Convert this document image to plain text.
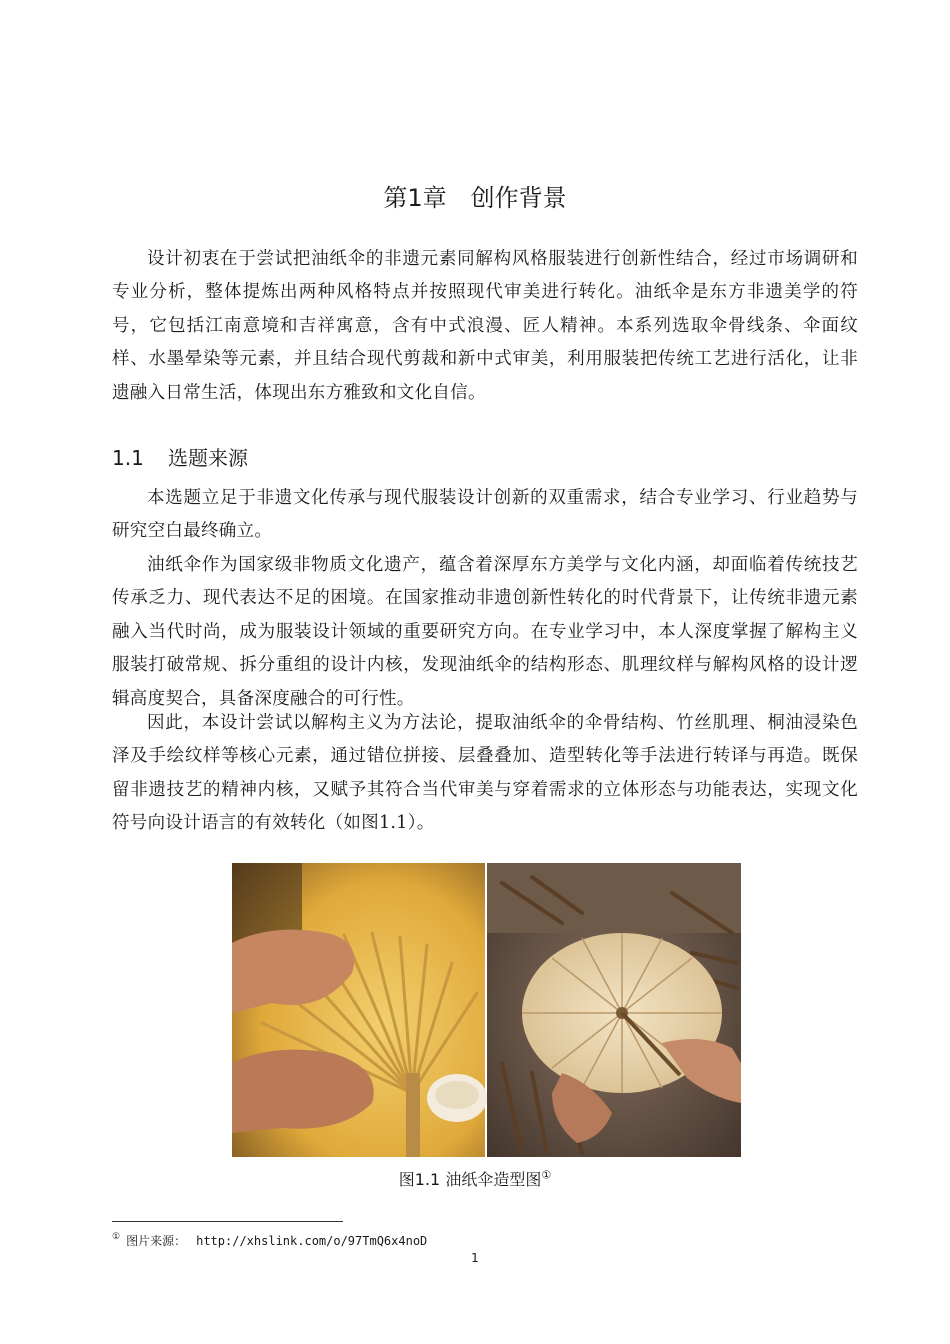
第1章　创作背景

设计初衷在于尝试把油纸伞的非遗元素同解构风格服装进行创新性结合，经过市场调研和专业分析，整体提炼出两种风格特点并按照现代审美进行转化。油纸伞是东方非遗美学的符号，它包括江南意境和吉祥寓意，含有中式浪漫、匠人精神。本系列选取伞骨线条、伞面纹样、水墨晕染等元素，并且结合现代剪裁和新中式审美，利用服装把传统工艺进行活化，让非遗融入日常生活，体现出东方雅致和文化自信。

1.1 选题来源

本选题立足于非遗文化传承与现代服装设计创新的双重需求，结合专业学习、行业趋势与研究空白最终确立。

油纸伞作为国家级非物质文化遗产，蕴含着深厚东方美学与文化内涵，却面临着传统技艺传承乏力、现代表达不足的困境。在国家推动非遗创新性转化的时代背景下，让传统非遗元素融入当代时尚，成为服装设计领域的重要研究方向。在专业学习中，本人深度掌握了解构主义服装打破常规、拆分重组的设计内核，发现油纸伞的结构形态、肌理纹样与解构风格的设计逻辑高度契合，具备深度融合的可行性。

因此，本设计尝试以解构主义为方法论，提取油纸伞的伞骨结构、竹丝肌理、桐油浸染色泽及手绘纹样等核心元素，通过错位拼接、层叠叠加、造型转化等手法进行转译与再造。既保留非遗技艺的精神内核，又赋予其符合当代审美与穿着需求的立体形态与功能表达，实现文化符号向设计语言的有效转化（如图1.1）。

图1.1 油纸伞造型图①

① 图片来源： http://xhslink.com/o/97TmQ6x4noD

1
